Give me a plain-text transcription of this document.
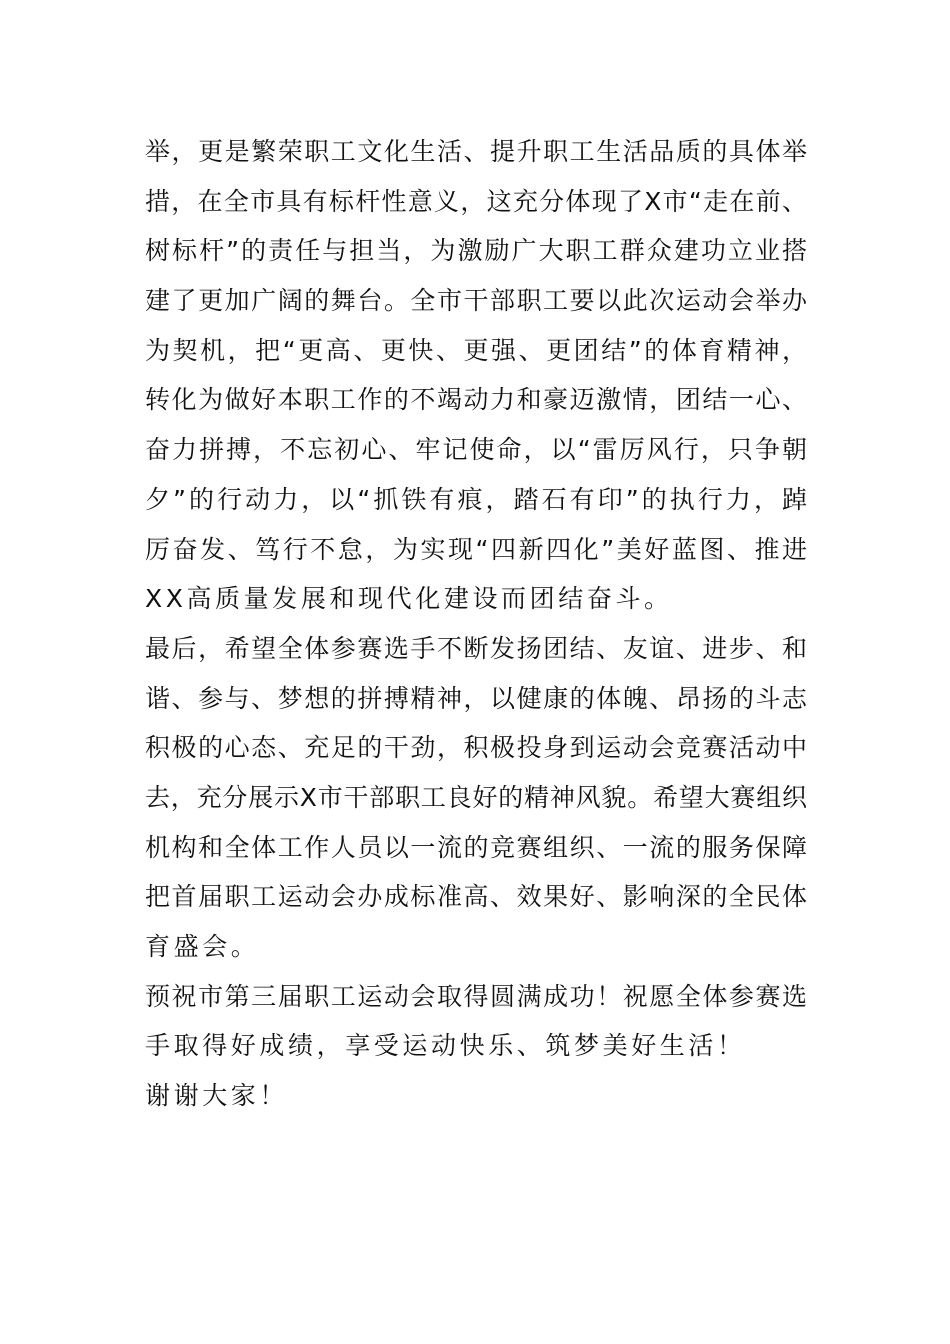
举，更是繁荣职工文化生活、提升职工生活品质的具体举
措，在全市具有标杆性意义，这充分体现了X市“走在前、
树标杆”的责任与担当，为激励广大职工群众建功立业搭
建了更加广阔的舞台。全市干部职工要以此次运动会举办
为契机，把“更高、更快、更强、更团结”的体育精神，
转化为做好本职工作的不竭动力和豪迈激情，团结一心、
奋力拼搏，不忘初心、牢记使命，以“雷厉风行，只争朝
夕”的行动力，以“抓铁有痕，踏石有印”的执行力，踔
厉奋发、笃行不怠，为实现“四新四化”美好蓝图、推进
XX高质量发展和现代化建设而团结奋斗。
最后，希望全体参赛选手不断发扬团结、友谊、进步、和
谐、参与、梦想的拼搏精神，以健康的体魄、昂扬的斗志
积极的心态、充足的干劲，积极投身到运动会竞赛活动中
去，充分展示X市干部职工良好的精神风貌。希望大赛组织
机构和全体工作人员以一流的竞赛组织、一流的服务保障
把首届职工运动会办成标准高、效果好、影响深的全民体
育盛会。
预祝市第三届职工运动会取得圆满成功！祝愿全体参赛选
手取得好成绩，享受运动快乐、筑梦美好生活！
谢谢大家！
